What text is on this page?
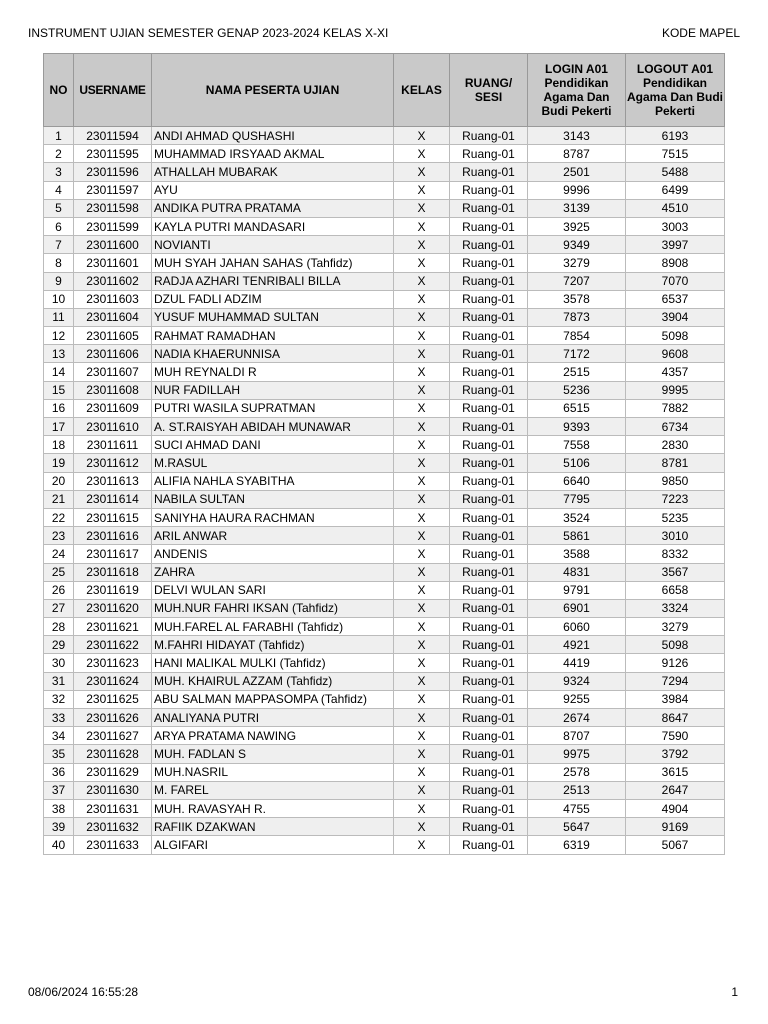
INSTRUMENT UJIAN SEMESTER GENAP 2023-2024 KELAS X-XI	KODE MAPEL
NO	USERNAME	NAMA PESERTA UJIAN	KELAS	RUANG/ SESI	LOGIN A01 Pendidikan Agama Dan Budi Pekerti	LOGOUT A01 Pendidikan Agama Dan Budi Pekerti
1	23011594	ANDI AHMAD QUSHASHI	X	Ruang-01	3143	6193
2	23011595	MUHAMMAD IRSYAAD AKMAL	X	Ruang-01	8787	7515
3	23011596	ATHALLAH MUBARAK	X	Ruang-01	2501	5488
4	23011597	AYU	X	Ruang-01	9996	6499
5	23011598	ANDIKA PUTRA PRATAMA	X	Ruang-01	3139	4510
6	23011599	KAYLA PUTRI MANDASARI	X	Ruang-01	3925	3003
7	23011600	NOVIANTI	X	Ruang-01	9349	3997
8	23011601	MUH SYAH JAHAN SAHAS (Tahfidz)	X	Ruang-01	3279	8908
9	23011602	RADJA AZHARI TENRIBALI BILLA	X	Ruang-01	7207	7070
10	23011603	DZUL FADLI ADZIM	X	Ruang-01	3578	6537
11	23011604	YUSUF MUHAMMAD SULTAN	X	Ruang-01	7873	3904
12	23011605	RAHMAT RAMADHAN	X	Ruang-01	7854	5098
13	23011606	NADIA KHAERUNNISA	X	Ruang-01	7172	9608
14	23011607	MUH REYNALDI R	X	Ruang-01	2515	4357
15	23011608	NUR FADILLAH	X	Ruang-01	5236	9995
16	23011609	PUTRI WASILA SUPRATMAN	X	Ruang-01	6515	7882
17	23011610	A. ST.RAISYAH ABIDAH MUNAWAR	X	Ruang-01	9393	6734
18	23011611	SUCI AHMAD DANI	X	Ruang-01	7558	2830
19	23011612	M.RASUL	X	Ruang-01	5106	8781
20	23011613	ALIFIA NAHLA SYABITHA	X	Ruang-01	6640	9850
21	23011614	NABILA SULTAN	X	Ruang-01	7795	7223
22	23011615	SANIYHA HAURA RACHMAN	X	Ruang-01	3524	5235
23	23011616	ARIL ANWAR	X	Ruang-01	5861	3010
24	23011617	ANDENIS	X	Ruang-01	3588	8332
25	23011618	ZAHRA	X	Ruang-01	4831	3567
26	23011619	DELVI WULAN SARI	X	Ruang-01	9791	6658
27	23011620	MUH.NUR FAHRI IKSAN (Tahfidz)	X	Ruang-01	6901	3324
28	23011621	MUH.FAREL AL FARABHI (Tahfidz)	X	Ruang-01	6060	3279
29	23011622	M.FAHRI HIDAYAT (Tahfidz)	X	Ruang-01	4921	5098
30	23011623	HANI MALIKAL MULKI (Tahfidz)	X	Ruang-01	4419	9126
31	23011624	MUH. KHAIRUL AZZAM (Tahfidz)	X	Ruang-01	9324	7294
32	23011625	ABU SALMAN MAPPASOMPA (Tahfidz)	X	Ruang-01	9255	3984
33	23011626	ANALIYANA PUTRI	X	Ruang-01	2674	8647
34	23011627	ARYA PRATAMA NAWING	X	Ruang-01	8707	7590
35	23011628	MUH. FADLAN S	X	Ruang-01	9975	3792
36	23011629	MUH.NASRIL	X	Ruang-01	2578	3615
37	23011630	M. FAREL	X	Ruang-01	2513	2647
38	23011631	MUH. RAVASYAH R.	X	Ruang-01	4755	4904
39	23011632	RAFIIK DZAKWAN	X	Ruang-01	5647	9169
40	23011633	ALGIFARI	X	Ruang-01	6319	5067
08/06/2024 16:55:28	1
